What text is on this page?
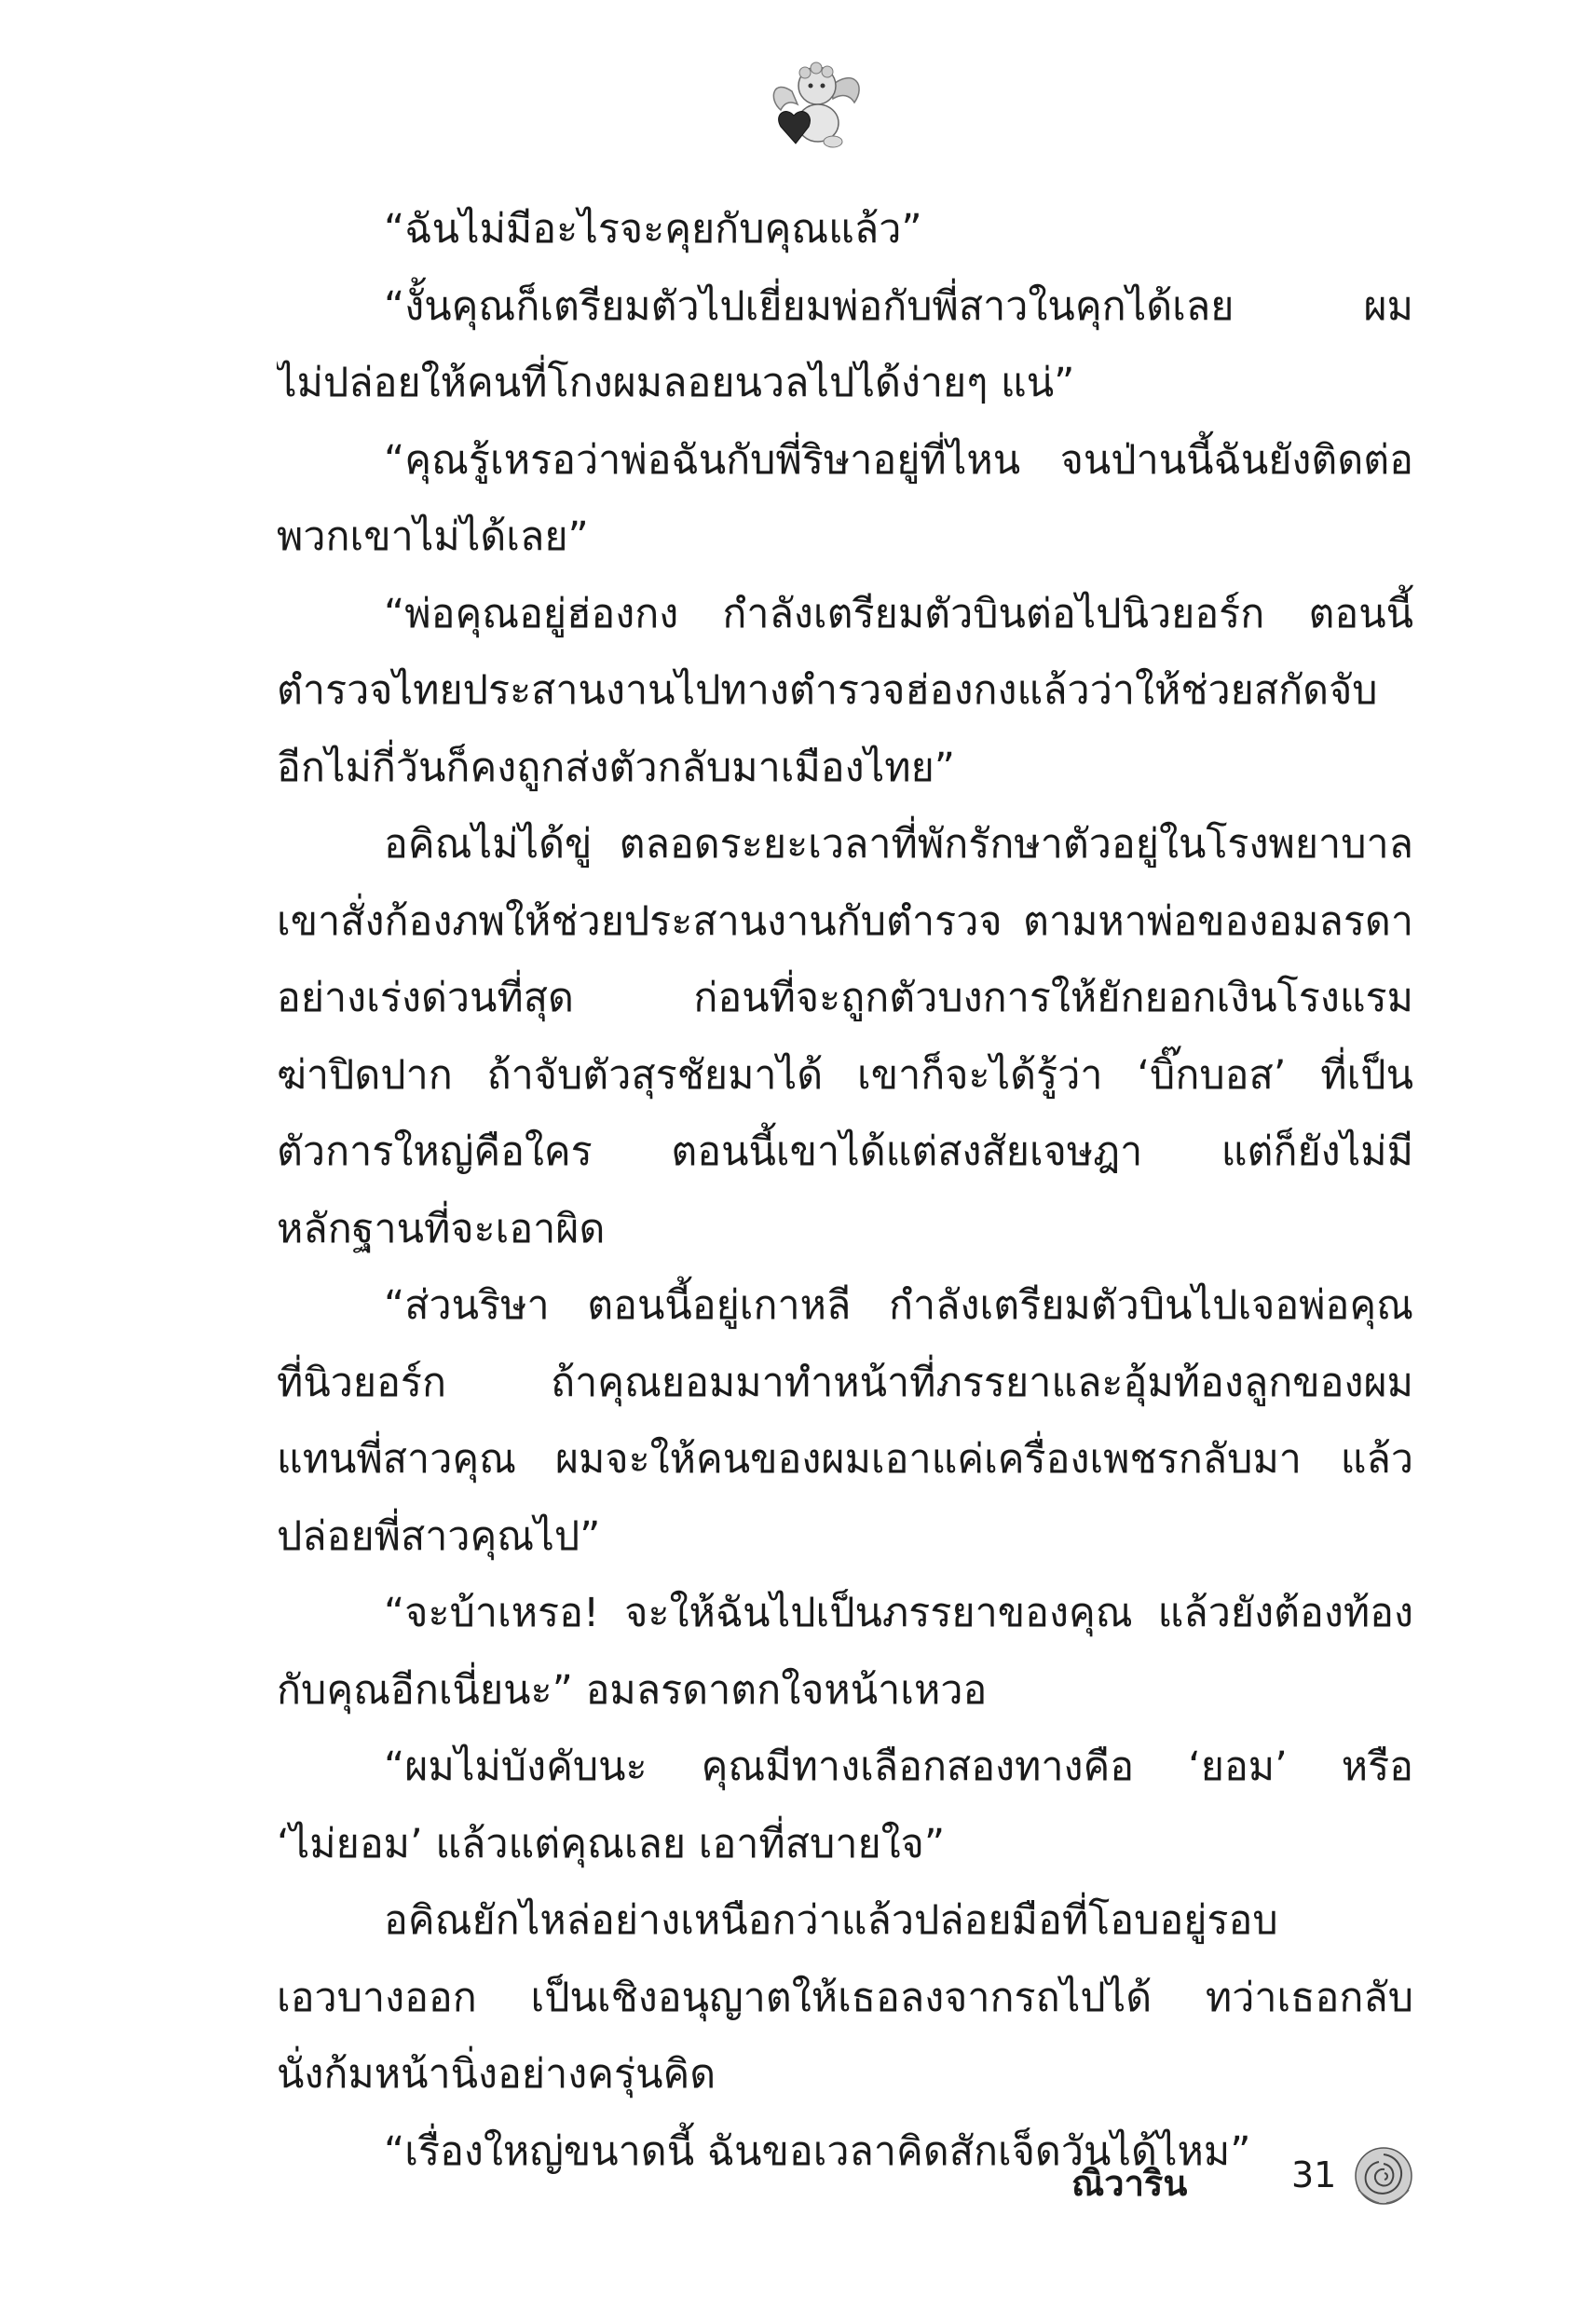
“ฉันไม่มีอะไรจะคุยกับคุณแล้ว”
“งั้นคุณก็เตรียมตัวไปเยี่ยมพ่อกับพี่สาวในคุกได้เลย ผม
ไม่ปล่อยให้คนที่โกงผมลอยนวลไปได้ง่ายๆ แน่”
“คุณรู้เหรอว่าพ่อฉันกับพี่ริษาอยู่ที่ไหน จนป่านนี้ฉันยังติดต่อ
พวกเขาไม่ได้เลย”
“พ่อคุณอยู่ฮ่องกง กำลังเตรียมตัวบินต่อไปนิวยอร์ก ตอนนี้
ตำรวจไทยประสานงานไปทางตำรวจฮ่องกงแล้วว่าให้ช่วยสกัดจับ
อีกไม่กี่วันก็คงถูกส่งตัวกลับมาเมืองไทย”
อคิณไม่ได้ขู่ ตลอดระยะเวลาที่พักรักษาตัวอยู่ในโรงพยาบาล
เขาสั่งก้องภพให้ช่วยประสานงานกับตำรวจ ตามหาพ่อของอมลรดา
อย่างเร่งด่วนที่สุด ก่อนที่จะถูกตัวบงการให้ยักยอกเงินโรงแรม
ฆ่าปิดปาก ถ้าจับตัวสุรชัยมาได้ เขาก็จะได้รู้ว่า ‘บิ๊กบอส’ ที่เป็น
ตัวการใหญ่คือใคร ตอนนี้เขาได้แต่สงสัยเจษฎา แต่ก็ยังไม่มี
หลักฐานที่จะเอาผิด
“ส่วนริษา ตอนนี้อยู่เกาหลี กำลังเตรียมตัวบินไปเจอพ่อคุณ
ที่นิวยอร์ก ถ้าคุณยอมมาทำหน้าที่ภรรยาและอุ้มท้องลูกของผม
แทนพี่สาวคุณ ผมจะให้คนของผมเอาแค่เครื่องเพชรกลับมา แล้ว
ปล่อยพี่สาวคุณไป”
“จะบ้าเหรอ! จะให้ฉันไปเป็นภรรยาของคุณ แล้วยังต้องท้อง
กับคุณอีกเนี่ยนะ” อมลรดาตกใจหน้าเหวอ
“ผมไม่บังคับนะ คุณมีทางเลือกสองทางคือ ‘ยอม’ หรือ
‘ไม่ยอม’ แล้วแต่คุณเลย เอาที่สบายใจ”
อคิณยักไหล่อย่างเหนือกว่าแล้วปล่อยมือที่โอบอยู่รอบ
เอวบางออก เป็นเชิงอนุญาตให้เธอลงจากรถไปได้ ทว่าเธอกลับ
นั่งก้มหน้านิ่งอย่างครุ่นคิด
“เรื่องใหญ่ขนาดนี้ ฉันขอเวลาคิดสักเจ็ดวันได้ไหม”
ณิวาริน	31
